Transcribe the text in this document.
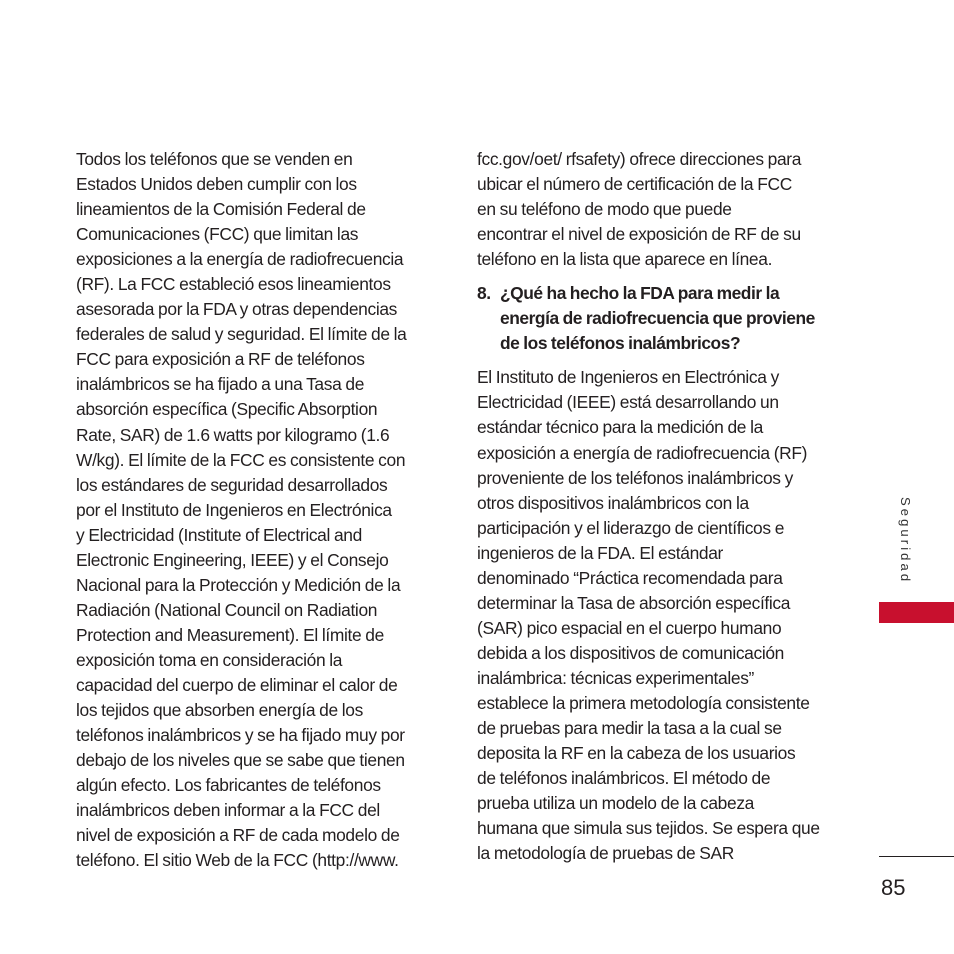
Todos los teléfonos que se venden en
Estados Unidos deben cumplir con los
lineamientos de la Comisión Federal de
Comunicaciones (FCC) que limitan las
exposiciones a la energía de radiofrecuencia
(RF). La FCC estableció esos lineamientos
asesorada por la FDA y otras dependencias
federales de salud y seguridad. El límite de la
FCC para exposición a RF de teléfonos
inalámbricos se ha fijado a una Tasa de
absorción específica (Specific Absorption
Rate, SAR) de 1.6 watts por kilogramo (1.6
W/kg). El límite de la FCC es consistente con
los estándares de seguridad desarrollados
por el Instituto de Ingenieros en Electrónica
y Electricidad (Institute of Electrical and
Electronic Engineering, IEEE) y el Consejo
Nacional para la Protección y Medición de la
Radiación (National Council on Radiation
Protection and Measurement). El límite de
exposición toma en consideración la
capacidad del cuerpo de eliminar el calor de
los tejidos que absorben energía de los
teléfonos inalámbricos y se ha fijado muy por
debajo de los niveles que se sabe que tienen
algún efecto. Los fabricantes de teléfonos
inalámbricos deben informar a la FCC del
nivel de exposición a RF de cada modelo de
teléfono. El sitio Web de la FCC (http://www.
fcc.gov/oet/ rfsafety) ofrece direcciones para
ubicar el número de certificación de la FCC
en su teléfono de modo que puede
encontrar el nivel de exposición de RF de su
teléfono en la lista que aparece en línea.
8. ¿Qué ha hecho la FDA para medir la
energía de radiofrecuencia que proviene
de los teléfonos inalámbricos?
El Instituto de Ingenieros en Electrónica y
Electricidad (IEEE) está desarrollando un
estándar técnico para la medición de la
exposición a energía de radiofrecuencia (RF)
proveniente de los teléfonos inalámbricos y
otros dispositivos inalámbricos con la
participación y el liderazgo de científicos e
ingenieros de la FDA. El estándar
denominado “Práctica recomendada para
determinar la Tasa de absorción específica
(SAR) pico espacial en el cuerpo humano
debida a los dispositivos de comunicación
inalámbrica: técnicas experimentales”
establece la primera metodología consistente
de pruebas para medir la tasa a la cual se
deposita la RF en la cabeza de los usuarios
de teléfonos inalámbricos. El método de
prueba utiliza un modelo de la cabeza
humana que simula sus tejidos. Se espera que
la metodología de pruebas de SAR
Seguridad
85
